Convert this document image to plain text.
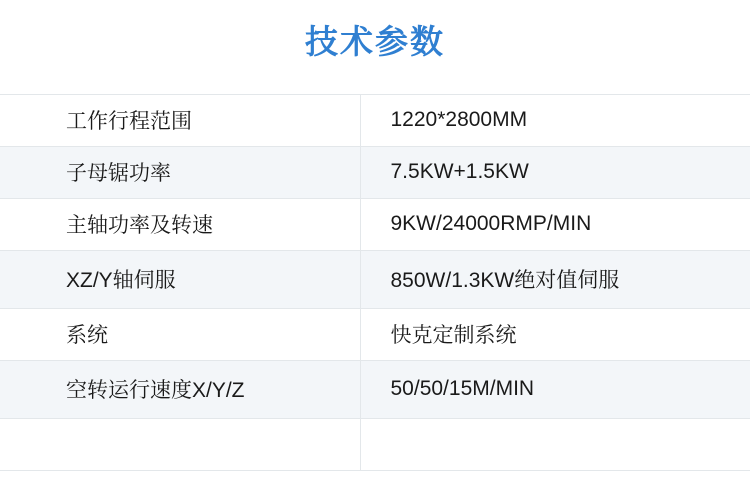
技术参数
工作行程范围	1220*2800MM
子母锯功率	7.5KW+1.5KW
主轴功率及转速	9KW/24000RMP/MIN
XZ/Y轴伺服	850W/1.3KW绝对值伺服
系统	快克定制系统
空转运行速度X/Y/Z	50/50/15M/MIN
